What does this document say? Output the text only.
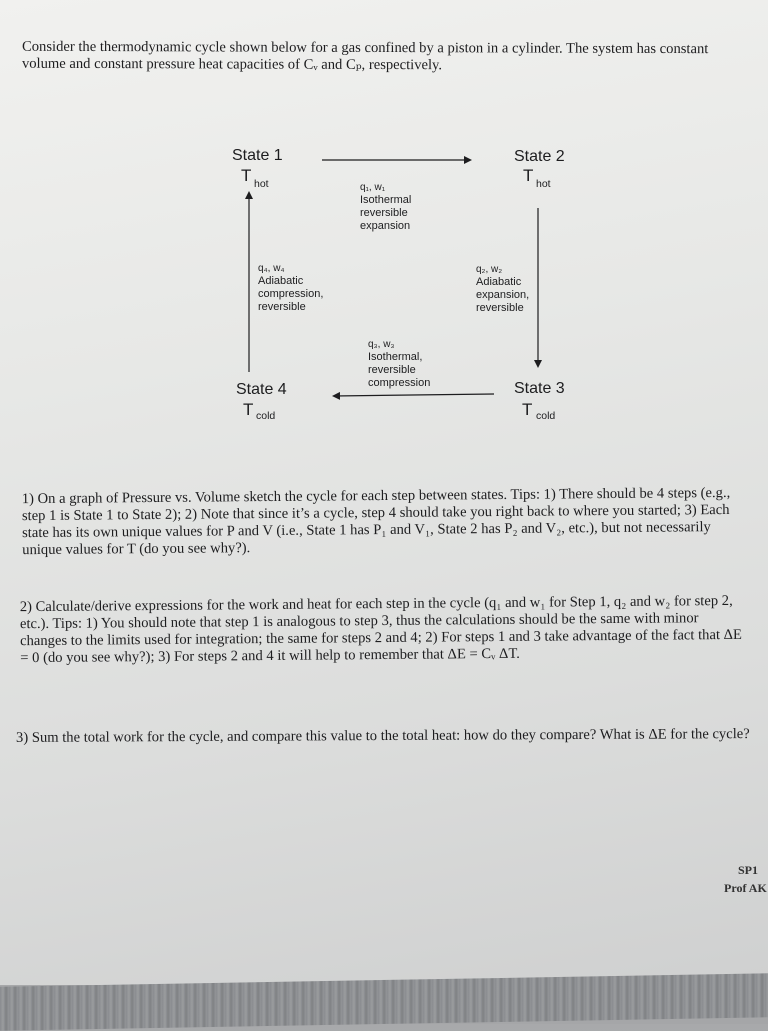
Consider the thermodynamic cycle shown below for a gas confined by a piston in a cylinder. The system has constant volume and constant pressure heat capacities of Cᵥ and Cₚ, respectively.
State 1
T hot
State 2
T hot
State 3
T cold
State 4
T cold
q₁, w₁
Isothermal
reversible
expansion
q₂, w₂
Adiabatic
expansion,
reversible
q₃, w₃
Isothermal,
reversible
compression
q₄, w₄
Adiabatic
compression,
reversible
1) On a graph of Pressure vs. Volume sketch the cycle for each step between states. Tips: 1) There should be 4 steps (e.g., step 1 is State 1 to State 2); 2) Note that since it’s a cycle, step 4 should take you right back to where you started; 3) Each state has its own unique values for P and V (i.e., State 1 has P₁ and V₁, State 2 has P₂ and V₂, etc.), but not necessarily unique values for T (do you see why?).
2) Calculate/derive expressions for the work and heat for each step in the cycle (q₁ and w₁ for Step 1, q₂ and w₂ for step 2, etc.). Tips: 1) You should note that step 1 is analogous to step 3, thus the calculations should be the same with minor changes to the limits used for integration; the same for steps 2 and 4; 2) For steps 1 and 3 take advantage of the fact that ΔE = 0 (do you see why?); 3) For steps 2 and 4 it will help to remember that ΔE = Cᵥ ΔT.
3) Sum the total work for the cycle, and compare this value to the total heat: how do they compare? What is ΔE for the cycle?
SP1
Prof AK
